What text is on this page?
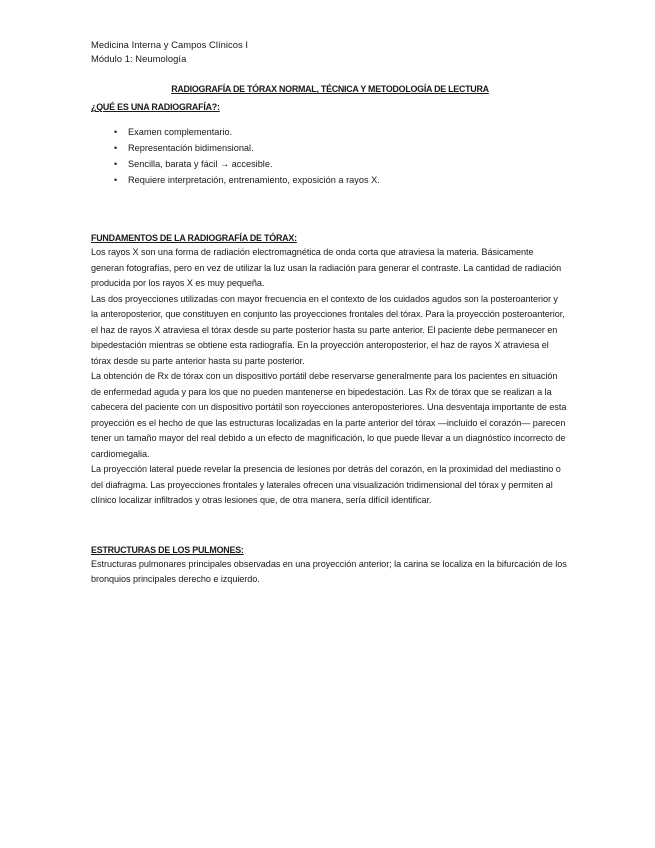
Medicina Interna y Campos Clínicos I
Módulo 1: Neumología
RADIOGRAFÍA DE TÓRAX NORMAL, TÉCNICA Y METODOLOGÍA DE LECTURA
¿QUÉ ES UNA RADIOGRAFÍA?:
• Examen complementario.
• Representación bidimensional.
• Sencilla, barata y fácil → accesible.
• Requiere interpretación, entrenamiento, exposición a rayos X.
FUNDAMENTOS DE LA RADIOGRAFÍA DE TÓRAX:

Los rayos X son una forma de radiación electromagnética de onda corta que atraviesa la materia. Básicamente generan fotografías, pero en vez de utilizar la luz usan la radiación para generar el contraste. La cantidad de radiación producida por los rayos X es muy pequeña.

Las dos proyecciones utilizadas con mayor frecuencia en el contexto de los cuidados agudos son la posteroanterior y la anteroposterior, que constituyen en conjunto las proyecciones frontales del tórax. Para la proyección posteroanterior, el haz de rayos X atraviesa el tórax desde su parte posterior hasta su parte anterior. El paciente debe permanecer en bipedestación mientras se obtiene esta radiografía. En la proyección anteroposterior, el haz de rayos X atraviesa el tórax desde su parte anterior hasta su parte posterior.

La obtención de Rx de tórax con un dispositivo portátil debe reservarse generalmente para los pacientes en situación de enfermedad aguda y para los que no pueden mantenerse en bipedestación. Las Rx de tórax que se realizan a la cabecera del paciente con un dispositivo portátil son royecciones anteroposteriores. Una desventaja importante de esta proyección es el hecho de que las estructuras localizadas en la parte anterior del tórax —incluido el corazón— parecen tener un tamaño mayor del real debido a un efecto de magnificación, lo que puede llevar a un diagnóstico incorrecto de cardiomegalia.

La proyección lateral puede revelar la presencia de lesiones por detrás del corazón, en la proximidad del mediastino o del diafragma. Las proyecciones frontales y laterales ofrecen una visualización tridimensional del tórax y permiten al clínico localizar infiltrados y otras lesiones que, de otra manera, sería difícil identificar.

ESTRUCTURAS DE LOS PULMONES:

Estructuras pulmonares principales observadas en una proyección anterior; la carina se localiza en la bifurcación de los bronquios principales derecho e izquierdo.
